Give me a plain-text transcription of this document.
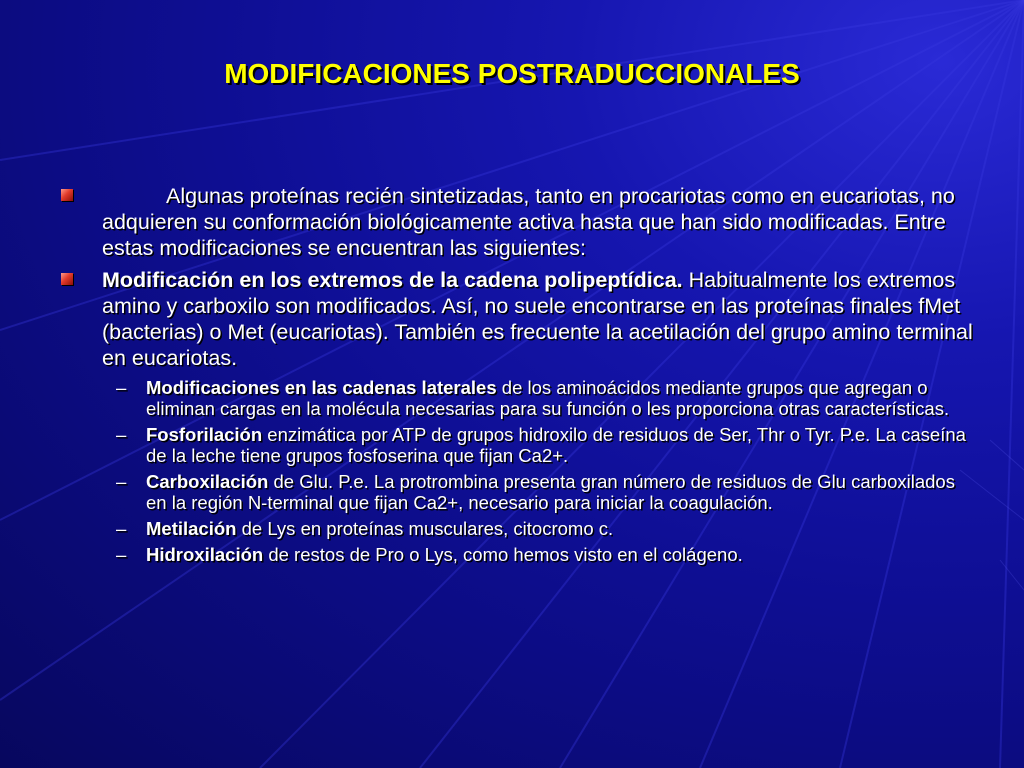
MODIFICACIONES POSTRADUCCIONALES
Algunas proteínas recién sintetizadas, tanto en procariotas como en eucariotas, no adquieren su conformación biológicamente activa hasta que han sido modificadas. Entre estas modificaciones se encuentran las siguientes:
Modificación en los extremos de la cadena polipeptídica. Habitualmente los extremos amino y carboxilo son modificados. Así, no suele encontrarse en las proteínas finales fMet (bacterias) o Met (eucariotas). También es frecuente la acetilación del grupo amino terminal en eucariotas.
– Modificaciones en las cadenas laterales de los aminoácidos mediante grupos que agregan o eliminan cargas en la molécula necesarias para su función o les proporciona otras características.
– Fosforilación enzimática por ATP de grupos hidroxilo de residuos de Ser, Thr o Tyr. P.e. La caseína de la leche tiene grupos fosfoserina que fijan Ca2+.
– Carboxilación de Glu. P.e. La protrombina presenta gran número de residuos de Glu carboxilados en la región N-terminal que fijan Ca2+, necesario para iniciar la coagulación.
– Metilación de Lys en proteínas musculares, citocromo c.
– Hidroxilación de restos de Pro o Lys, como hemos visto en el colágeno.
